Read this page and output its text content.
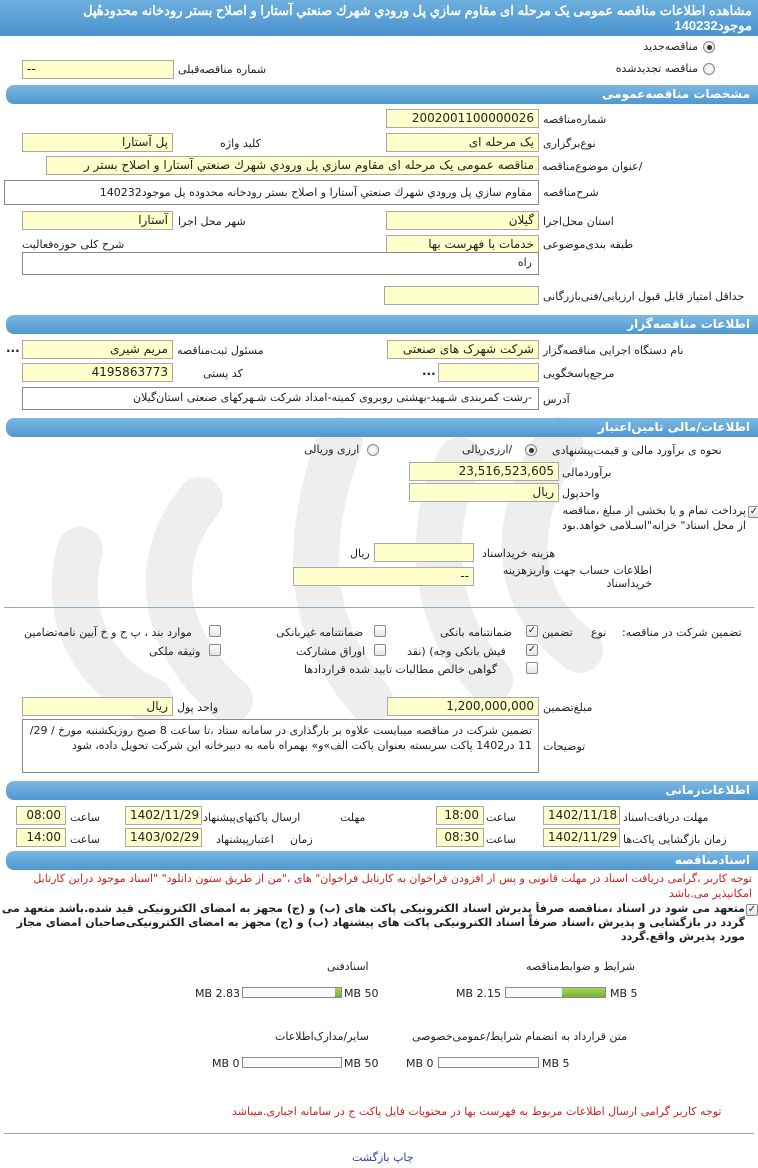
مشاهده اطلاعات مناقصه عمومی یک مرحله ای مقاوم سازي پل ورودي شهرك صنعتي آستارا و اصلاح بستر رودخانه محدودهٔپل موجود140232
مناقصه‌جدید
مناقصه تجدیدشده
--	شماره مناقصه‌قبلی
مشخصات مناقصه‌عمومی
شماره‌مناقصه
2002001100000026
نوع‌برگزاری
یک مرحله ای
کلید واژه
پل آستارا
/عنوان موضوع‌مناقصه
مناقصه عمومی یک مرحله ای مقاوم سازي پل ورودي شهرك صنعتي آستارا و اصلاح بستر ر
شرح‌مناقصه
مقاوم سازي پل ورودي شهرك صنعتي آستارا و اصلاح بستر رودخانه محدوده پل موجود140232
استان محل‌اجرا
گیلان
شهر محل اجرا
آستارا
طبقه بندی‌موضوعی
خدمات با فهرست بها
شرح کلی حوزه‌فعالیت
راه
حداقل امتیاز قابل قبول ارزیابی/فنی‌بازرگانی
اطلاعات مناقصه‌گزار
نام دستگاه اجرایی مناقصه‌گزار
شرکت شهرک های صنعتی
مسئول ثبت‌مناقصه
مریم شیری
...
مرجع‌پاسخگویی
...
کد پستی
4195863773
آدرس
-رشت کمربندی شـهید-بهشتی روبروی کمیته-امداد شرکت شـهرکهای صنعتی استان‌گیلان
اطلاعات/مالی تامین‌اعتبار
نحوه ی برآورد مالی و قیمت‌پیشنهادی
/ارزی‌ریالی
ارزی وریالی
برآوردمالی
23,516,523,605
واحدپول
ریال
✓
پرداخت تمام و یا بخشی از مبلغ ،مناقصه از محل اسناد" خزانه"اسـلامی خواهد.بود
هزینه خریداسناد
ریال
اطلاعات حساب جهت واریزهزینه خریداسناد
--
تضمین شرکت در مناقصه:
نوع
تضمین
✓
ضمانتنامه بانکی
ضمانتنامه غیربانکی
موارد بند ، پ ح و خ آیین نامه‌تضامین
✓
فیش بانکی وجه) (نقد
اوراق مشارکت
وثیقه ملکی
گواهی خالص مطالبات تایید شده قراردادها
مبلغ‌تضمین
1,200,000,000
واحد پول
ریال
توضیحات
تضمین شرکت در مناقصه میبایست علاوه بر بارگذاری در سامانه ستاد ،تا ساعت 8 صبح روزیکشنبه مورخ / 29/ 11 در1402 پاکت سربسته بعنوان پاکت الف»و» بهمراه نامه به دبیرخانه این شرکت تحویل داده، شود
اطلاعات‌زمانی
مهلت دریافت‌اسناد
1402/11/18
ساعت
18:00
مهلت
ارسال پاکتهای‌پیشنهاد
1402/11/29
ساعت
08:00
زمان بازگشایی پاکت‌ها
1402/11/29
ساعت
08:30
زمان
اعتبارپیشنهاد
1403/02/29
ساعت
14:00
اسنادمناقصه
توجه کاربر ،گرامی دریافت اسناد در مهلت قانونی و پس از افزودن فراخوان به کارتابل فراخوان" های ،"من از طریق ستون دانلود" "اسناد موجود دراین کارتابل امکانپذیر می.باشد
✓
متعهد می شود در اسناد ،مناقصه صرفاً پذیرش اسناد الکترونیکی پاکت های (ب) و (ج) مجهز به امضای الکترونیکی قید شده.باشد متعهد می گردد در بازگشایی و پذیرش ،اسناد صرفاً اسناد الکترونیکی پاکت های پیشنهاد (ب) و (ج) مجهز به امضای الکترونیکی‌صاحبان امضای مجاز مورد پذیرش واقع.گردد
شرایط و ضوابط‌مناقصه
5 MB
2.15 MB
اسنادفنی
50 MB
2.83 MB
متن قرارداد به انضمام شرایط/عمومی‌خصوصی
5 MB
0 MB
سایر/مدارک‌اطلاعات
50 MB
0 MB
توجه کاربر گرامی ارسال اطلاعات مربوط به فهرست بها در محتویات فایل پاکت ج در سامانه اجباری.میباشد
چاپ بازگشت
